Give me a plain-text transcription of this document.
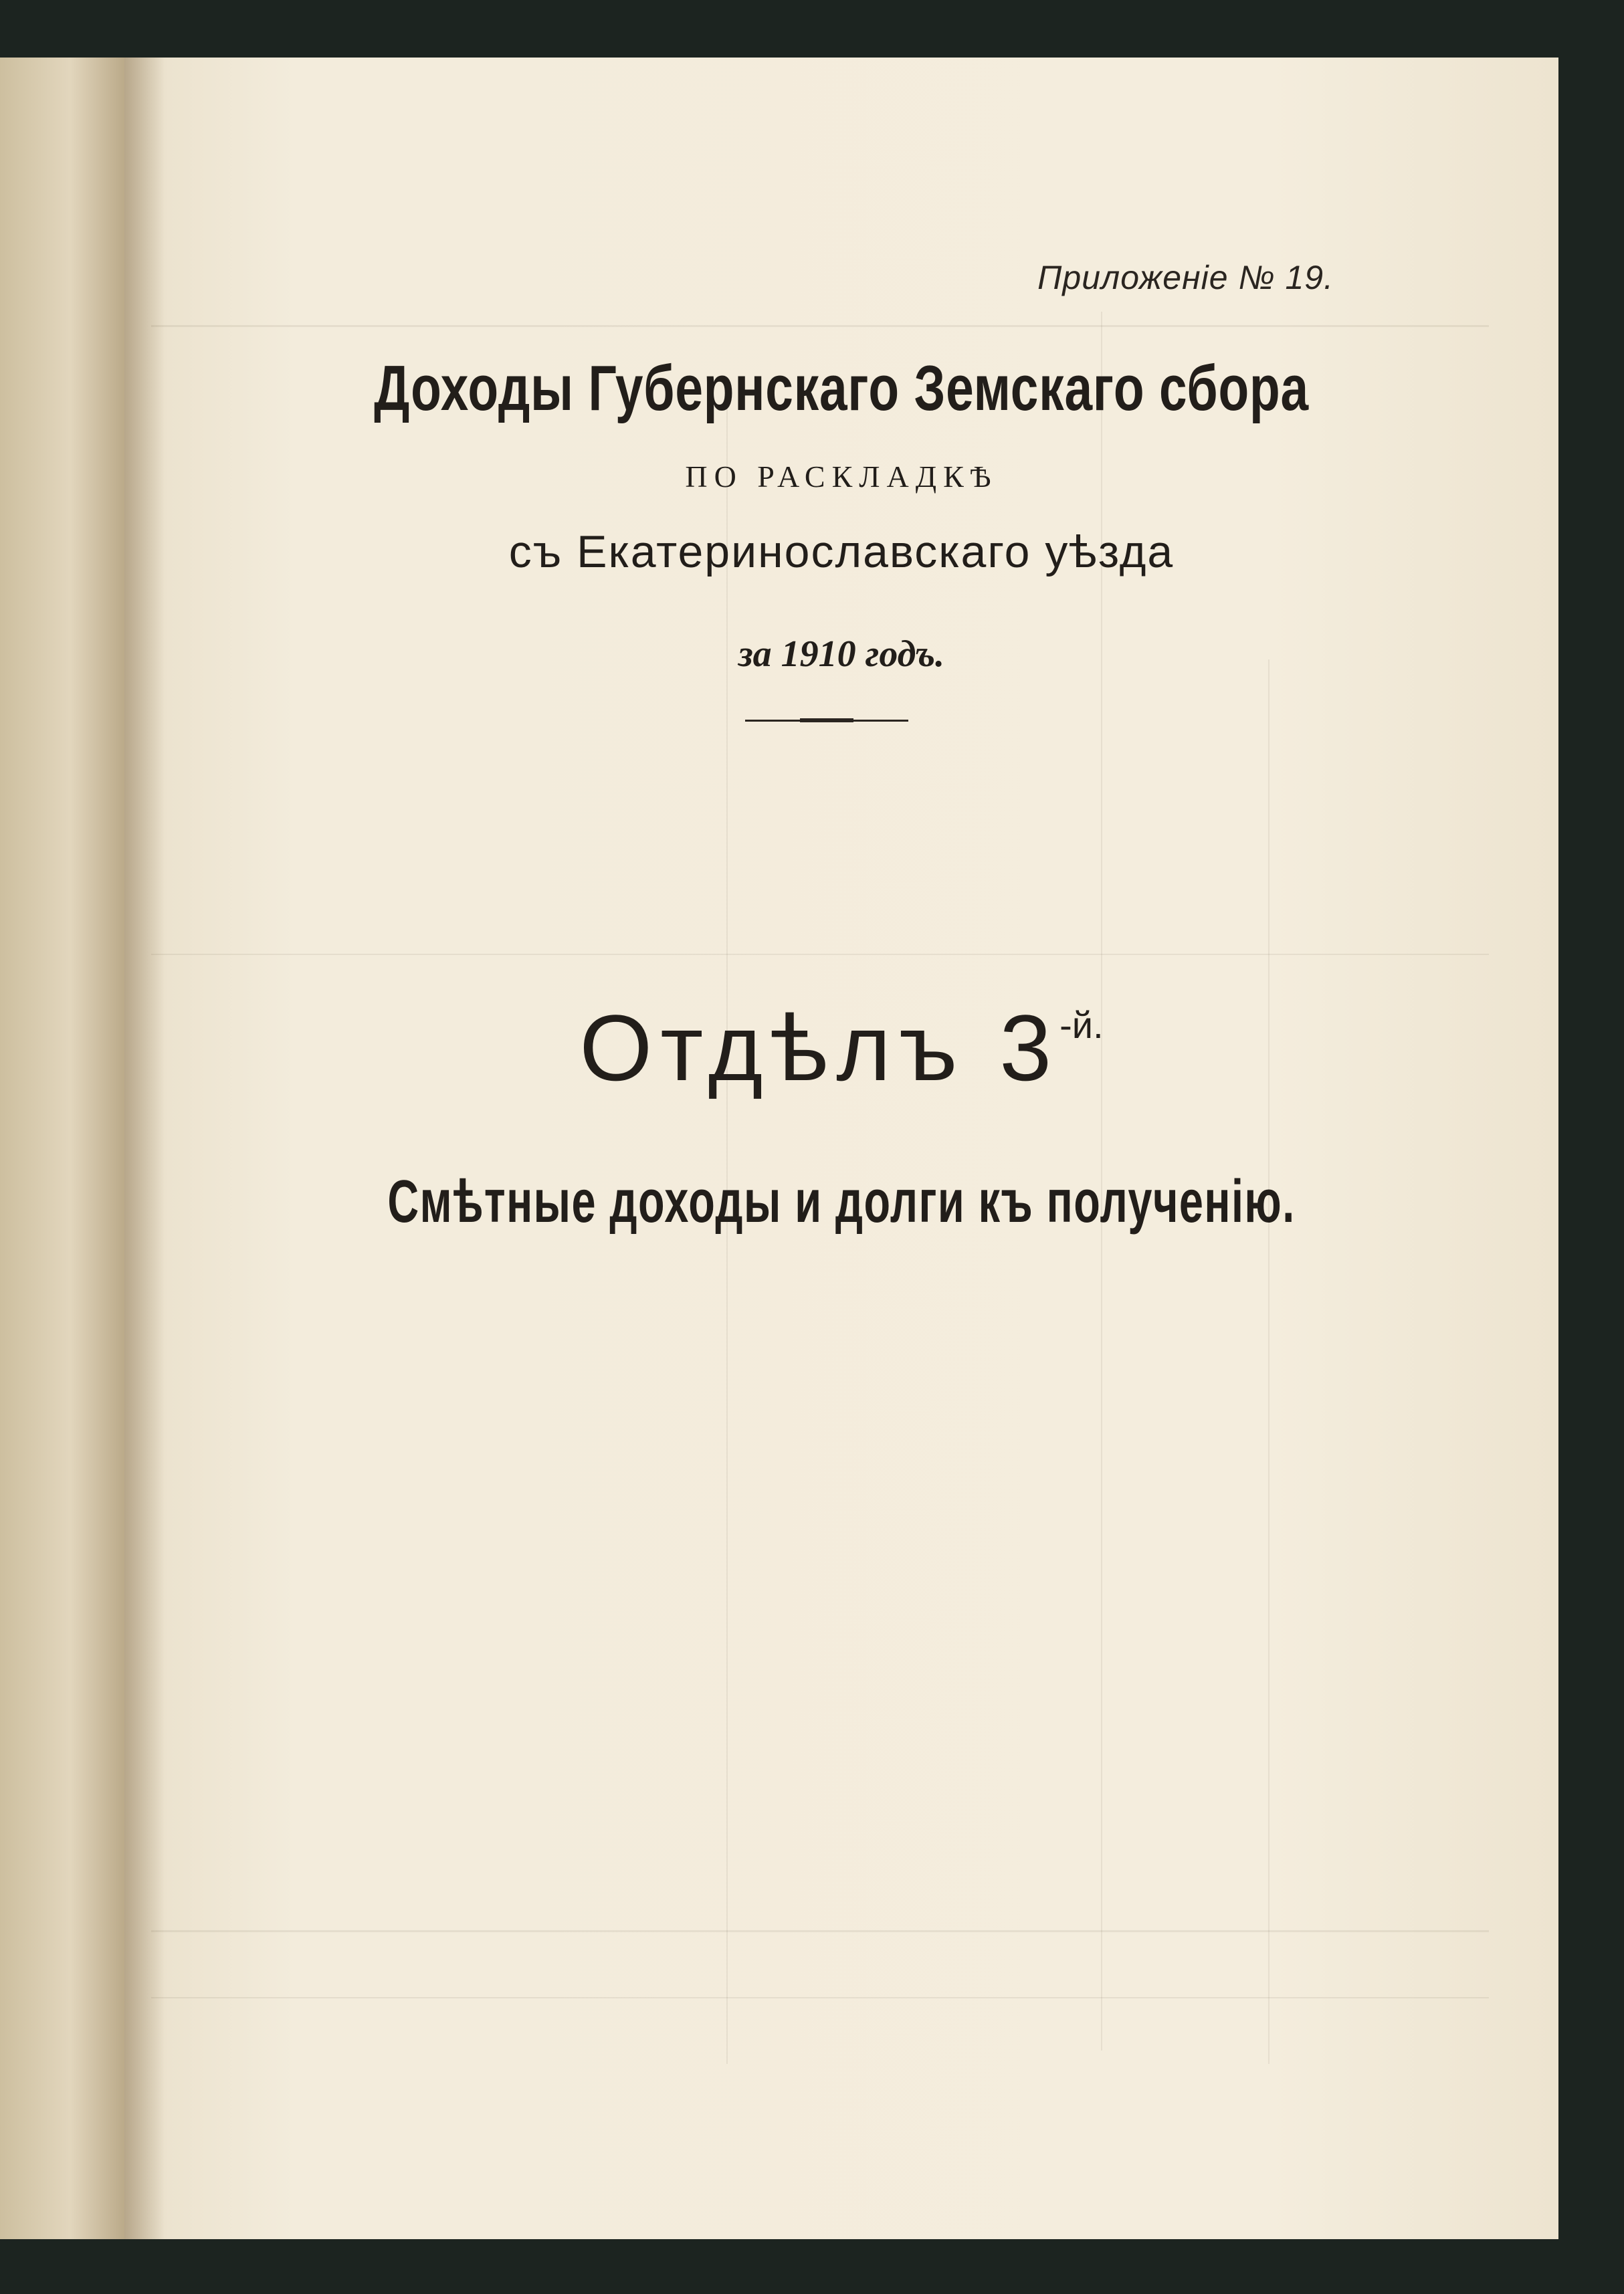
Приложеніе № 19.
Доходы Губернскаго Земскаго сбора
ПО РАСКЛАДКѢ
съ Екатеринославскаго уѣзда
за 1910 годъ.
Отдѣлъ $3^{-й.}$
Смѣтные доходы и долги къ полученію.
